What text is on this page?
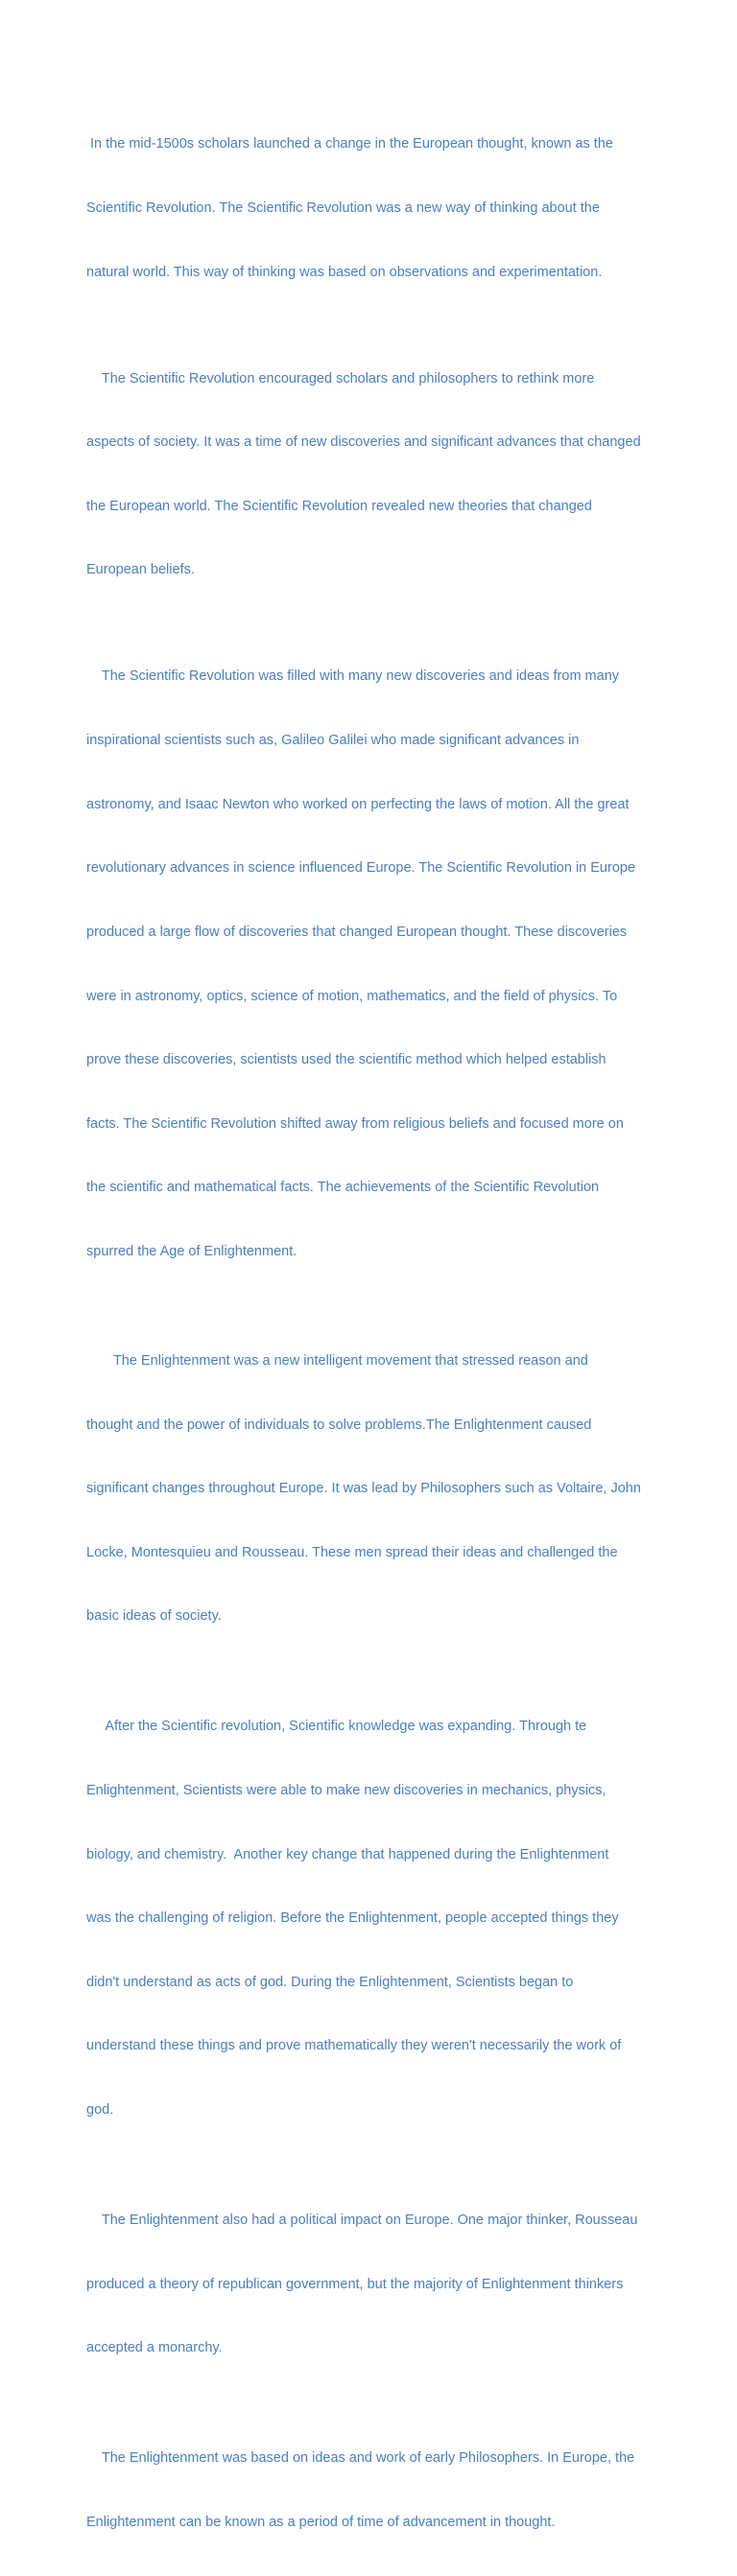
In the mid-1500s scholars launched a change in the European thought, known as the

Scientific Revolution. The Scientific Revolution was a new way of thinking about the

natural world. This way of thinking was based on observations and experimentation.

The Scientific Revolution encouraged scholars and philosophers to rethink more

aspects of society. It was a time of new discoveries and significant advances that changed

the European world. The Scientific Revolution revealed new theories that changed

European beliefs.

The Scientific Revolution was filled with many new discoveries and ideas from many

inspirational scientists such as, Galileo Galilei who made significant advances in

astronomy, and Isaac Newton who worked on perfecting the laws of motion. All the great

revolutionary advances in science influenced Europe. The Scientific Revolution in Europe

produced a large flow of discoveries that changed European thought. These discoveries

were in astronomy, optics, science of motion, mathematics, and the field of physics. To

prove these discoveries, scientists used the scientific method which helped establish

facts. The Scientific Revolution shifted away from religious beliefs and focused more on

the scientific and mathematical facts. The achievements of the Scientific Revolution

spurred the Age of Enlightenment.

The Enlightenment was a new intelligent movement that stressed reason and

thought and the power of individuals to solve problems.The Enlightenment caused

significant changes throughout Europe. It was lead by Philosophers such as Voltaire, John

Locke, Montesquieu and Rousseau. These men spread their ideas and challenged the

basic ideas of society.

After the Scientific revolution, Scientific knowledge was expanding. Through te

Enlightenment, Scientists were able to make new discoveries in mechanics, physics,

biology, and chemistry.  Another key change that happened during the Enlightenment

was the challenging of religion. Before the Enlightenment, people accepted things they

didn't understand as acts of god. During the Enlightenment, Scientists began to

understand these things and prove mathematically they weren't necessarily the work of

god.

The Enlightenment also had a political impact on Europe. One major thinker, Rousseau

produced a theory of republican government, but the majority of Enlightenment thinkers

accepted a monarchy.

The Enlightenment was based on ideas and work of early Philosophers. In Europe, the

Enlightenment can be known as a period of time of advancement in thought.
